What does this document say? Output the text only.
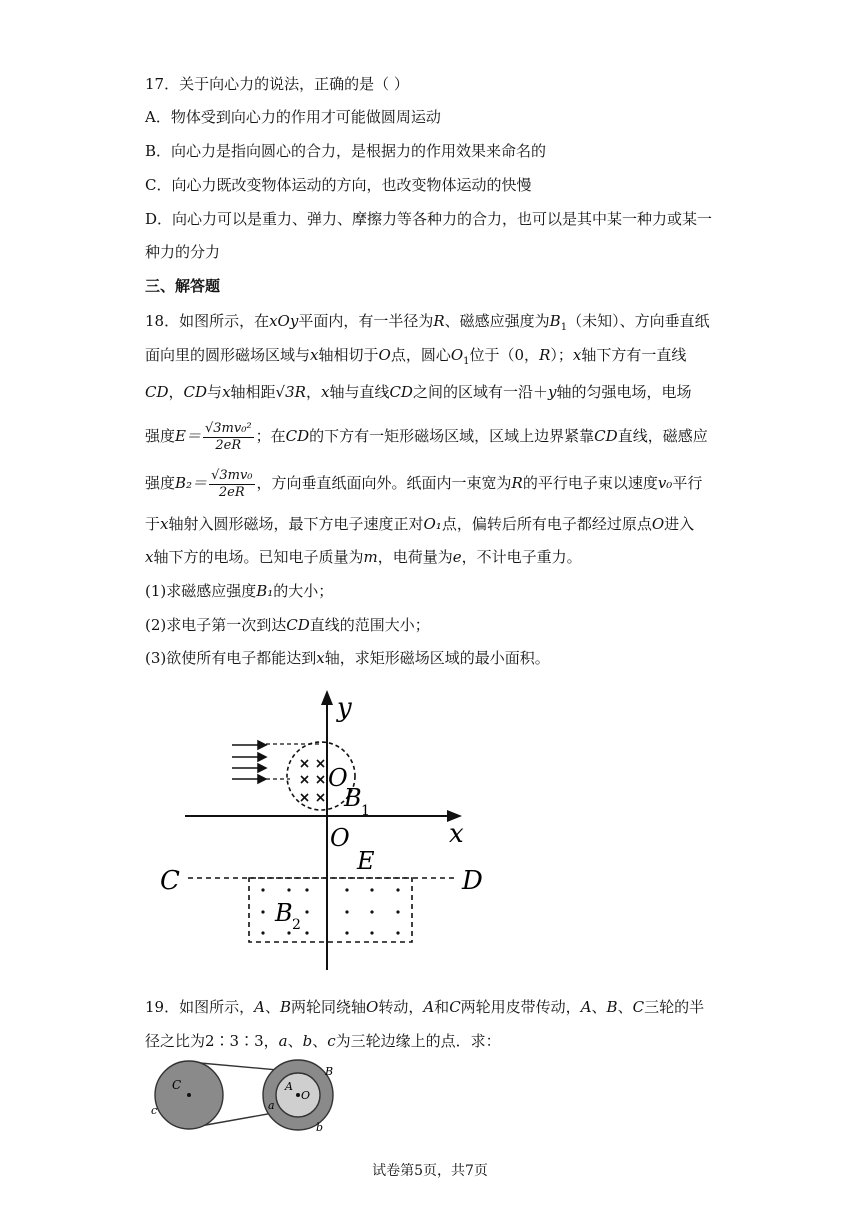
17．关于向心力的说法，正确的是（ ）
A．物体受到向心力的作用才可能做圆周运动
B．向心力是指向圆心的合力，是根据力的作用效果来命名的
C．向心力既改变物体运动的方向，也改变物体运动的快慢
D．向心力可以是重力、弹力、摩擦力等各种力的合力，也可以是其中某一种力或某一
种力的分力
三、解答题
18．如图所示，在xOy平面内，有一半径为R、磁感应强度为$B_1$（未知）、方向垂直纸
面向里的圆形磁场区域与x轴相切于O点，圆心$O_1$位于（0，R）；x轴下方有一直线
CD，CD与x轴相距√3R，x轴与直线CD之间的区域有一沿＋y轴的匀强电场，电场
强度$E= \frac{\text{√3mv₀²}}{2eR}$ ；在CD的下方有一矩形磁场区域，区域上边界紧靠CD直线，磁感应
强度$B_2= \frac{\text{√3mv₀}}{2eR}$ ，方向垂直纸面向外。纸面内一束宽为R的平行电子束以速度v₀平行
于x轴射入圆形磁场，最下方电子速度正对O₁点，偏转后所有电子都经过原点O进入
x轴下方的电场。已知电子质量为m，电荷量为e，不计电子重力。
(1)求磁感应强度B₁的大小；
(2)求电子第一次到达CD直线的范围大小；
(3)欲使所有电子都能达到x轴，求矩形磁场区域的最小面积。
y
x
O
O
B 1
E
C	D
B 2
19．如图所示，A、B两轮同绕轴O转动，A和C两轮用皮带传动，A、B、C三轮的半
径之比为2∶3∶3，a、b、c为三轮边缘上的点．求：
C	A
O
B
a
b
c
试卷第5页，共7页
